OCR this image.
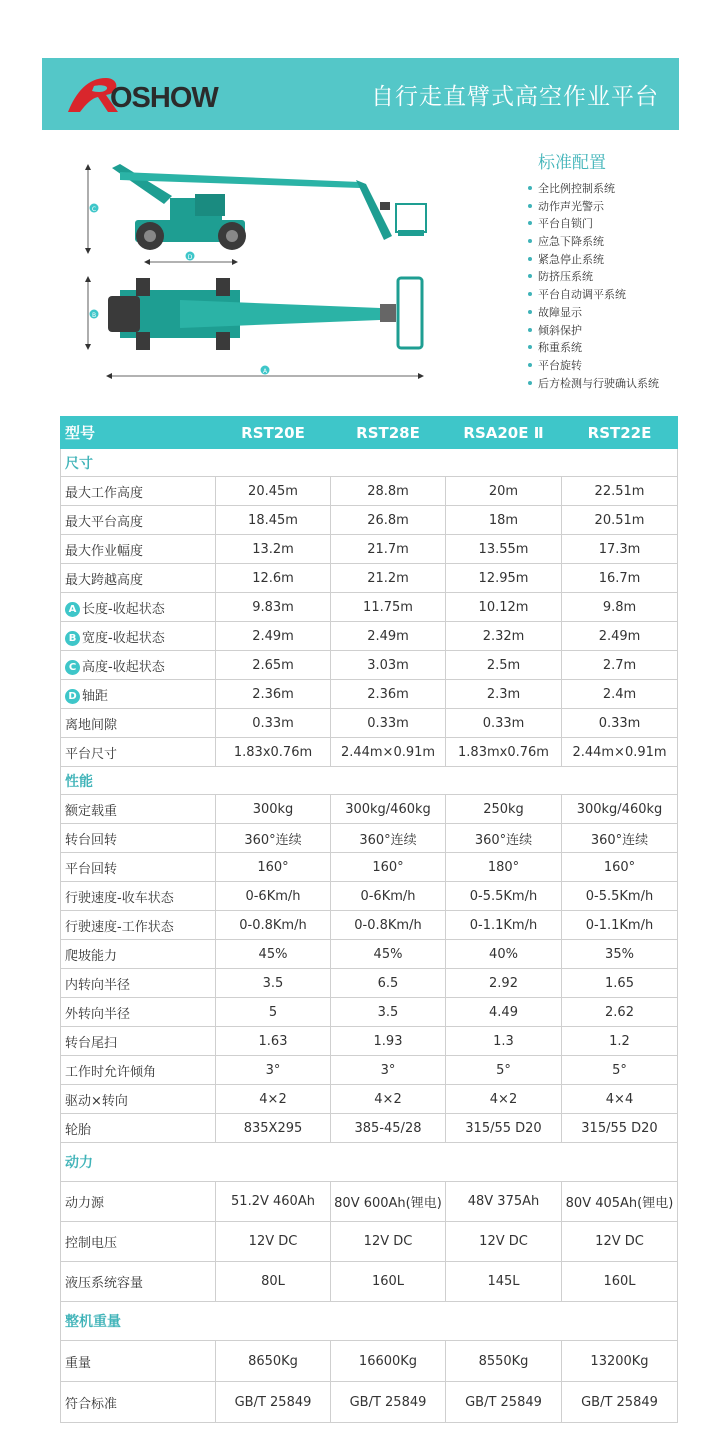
OSHOW	自行走直臂式高空作业平台
C
D
B
A
标准配置
全比例控制系统
动作声光警示
平台自锁门
应急下降系统
紧急停止系统
防挤压系统
平台自动调平系统
故障显示
倾斜保护
称重系统
平台旋转
后方检测与行驶确认系统
型号	RST20E	RST28E	RSA20E Ⅱ	RST22E
尺寸				
最大工作高度	20.45m	28.8m	20m	22.51m
最大平台高度	18.45m	26.8m	18m	20.51m
最大作业幅度	13.2m	21.7m	13.55m	17.3m
最大跨越高度	12.6m	21.2m	12.95m	16.7m
A 长度-收起状态	9.83m	11.75m	10.12m	9.8m
B 宽度-收起状态	2.49m	2.49m	2.32m	2.49m
C 高度-收起状态	2.65m	3.03m	2.5m	2.7m
D 轴距	2.36m	2.36m	2.3m	2.4m
离地间隙	0.33m	0.33m	0.33m	0.33m
平台尺寸	1.83x0.76m	2.44m×0.91m	1.83mx0.76m	2.44m×0.91m
性能				
额定载重	300kg	300kg/460kg	250kg	300kg/460kg
转台回转	360°连续	360°连续	360°连续	360°连续
平台回转	160°	160°	180°	160°
行驶速度-收车状态	0-6Km/h	0-6Km/h	0-5.5Km/h	0-5.5Km/h
行驶速度-工作状态	0-0.8Km/h	0-0.8Km/h	0-1.1Km/h	0-1.1Km/h
爬坡能力	45%	45%	40%	35%
内转向半径	3.5	6.5	2.92	1.65
外转向半径	5	3.5	4.49	2.62
转台尾扫	1.63	1.93	1.3	1.2
工作时允许倾角	3°	3°	5°	5°
驱动×转向	4×2	4×2	4×2	4×4
轮胎	835X295	385-45/28	315/55 D20	315/55 D20
动力				
动力源	51.2V 460Ah	80V 600Ah(锂电)	48V 375Ah	80V 405Ah(锂电)
控制电压	12V DC	12V DC	12V DC	12V DC
液压系统容量	80L	160L	145L	160L
整机重量				
重量	8650Kg	16600Kg	8550Kg	13200Kg
符合标准	GB/T 25849	GB/T 25849	GB/T 25849	GB/T 25849
